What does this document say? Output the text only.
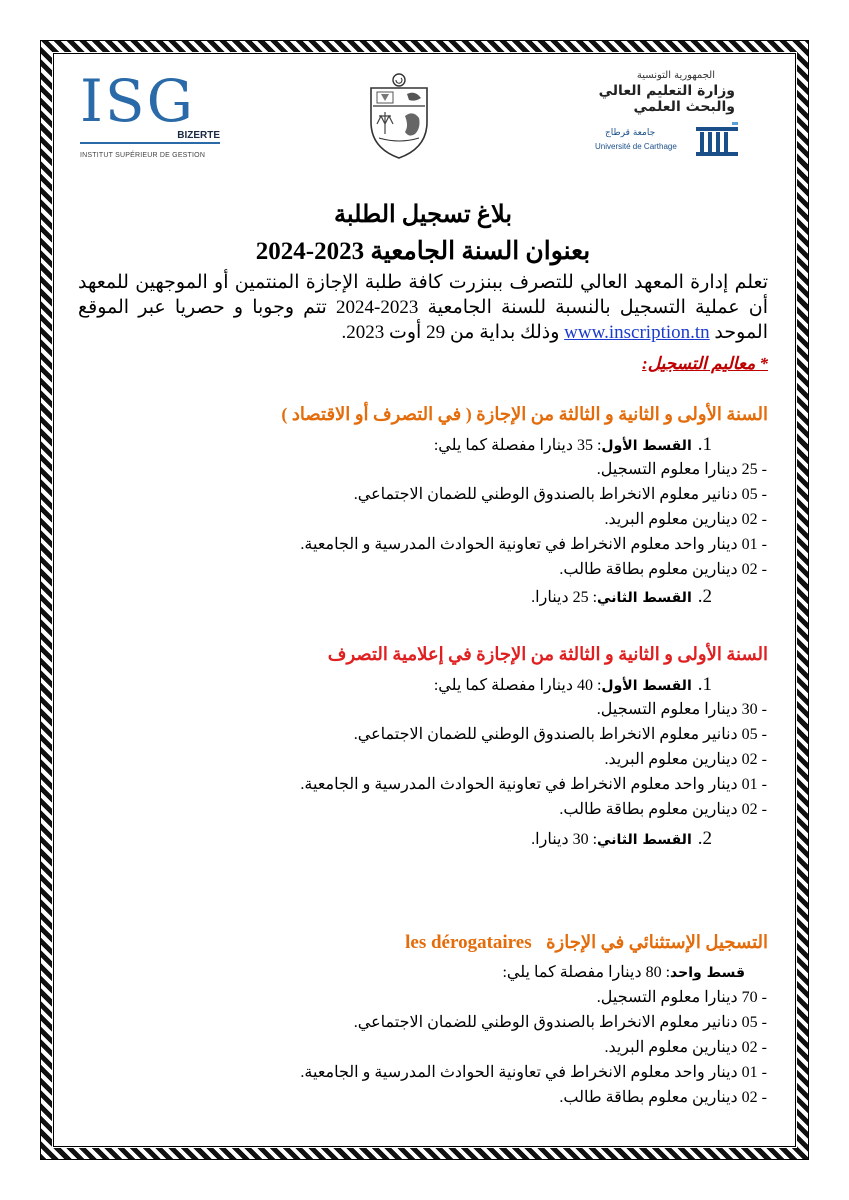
ISG
BIZERTE
INSTITUT SUPÉRIEUR DE GESTION
الجمهورية التونسية
وزارة التعليم العالي والبحث العلمي
جامعة قرطاج
Université de Carthage
بلاغ تسجيل الطلبة
بعنوان السنة الجامعية 2023-2024
تعلم إدارة المعهد العالي للتصرف ببنزرت كافة طلبة الإجازة المنتمين أو الموجهين للمعهد أن عملية التسجيل بالنسبة للسنة الجامعية 2023-2024 تتم وجوبا و حصريا عبر الموقع الموحد www.inscription.tn وذلك بداية من 29 أوت 2023.
* معاليم التسجيل:
السنة الأولى و الثانية و الثالثة من الإجازة ( في التصرف أو الاقتصاد )
1.القسط الأول: 35 دينارا مفصلة كما يلي:
- 25 دينارا معلوم التسجيل.
- 05 دنانير معلوم الانخراط بالصندوق الوطني للضمان الاجتماعي.
- 02 دينارين معلوم البريد.
- 01 دينار واحد معلوم الانخراط في تعاونية الحوادث المدرسية و الجامعية.
- 02 دينارين معلوم بطاقة طالب.
2.القسط الثاني: 25 دينارا.
السنة الأولى و الثانية و الثالثة من الإجازة في إعلامية التصرف
1.القسط الأول: 40 دينارا مفصلة كما يلي:
- 30 دينارا معلوم التسجيل.
- 05 دنانير معلوم الانخراط بالصندوق الوطني للضمان الاجتماعي.
- 02 دينارين معلوم البريد.
- 01 دينار واحد معلوم الانخراط في تعاونية الحوادث المدرسية و الجامعية.
- 02 دينارين معلوم بطاقة طالب.
2.القسط الثاني: 30 دينارا.
التسجيل الإستثنائي في الإجازة les dérogataires
قسط واحد: 80 دينارا مفصلة كما يلي:
- 70 دينارا معلوم التسجيل.
- 05 دنانير معلوم الانخراط بالصندوق الوطني للضمان الاجتماعي.
- 02 دينارين معلوم البريد.
- 01 دينار واحد معلوم الانخراط في تعاونية الحوادث المدرسية و الجامعية.
- 02 دينارين معلوم بطاقة طالب.
